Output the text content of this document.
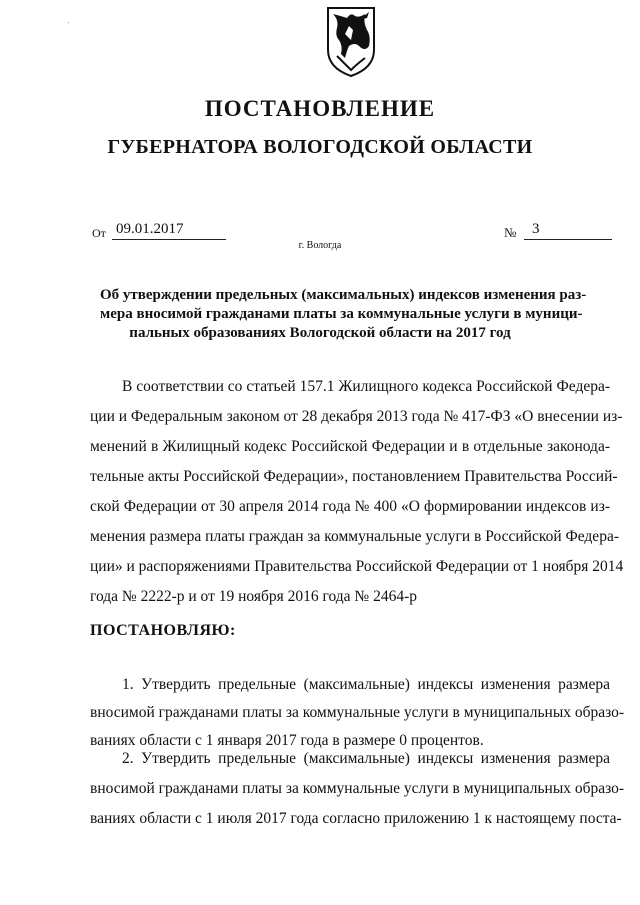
ПОСТАНОВЛЕНИЕ
ГУБЕРНАТОРА ВОЛОГОДСКОЙ ОБЛАСТИ
От 09.01.2017	№	3
г. Вологда
Об утверждении предельных (максимальных) индексов изменения раз-
мера вносимой гражданами платы за коммунальные услуги в муници-
пальных образованиях Вологодской области на 2017 год
В соответствии со статьей 157.1 Жилищного кодекса Российской Федера-
ции и Федеральным законом от 28 декабря 2013 года № 417-ФЗ «О внесении из-
менений в Жилищный кодекс Российской Федерации и в отдельные законода-
тельные акты Российской Федерации», постановлением Правительства Россий-
ской Федерации от 30 апреля 2014 года № 400 «О формировании индексов из-
менения размера платы граждан за коммунальные услуги в Российской Федера-
ции» и распоряжениями Правительства Российской Федерации от 1 ноября 2014
года № 2222-р и от 19 ноября 2016 года № 2464-р
ПОСТАНОВЛЯЮ:
1. Утвердить предельные (максимальные) индексы изменения размера
вносимой гражданами платы за коммунальные услуги в муниципальных образо-
ваниях области с 1 января 2017 года в размере 0 процентов.
2. Утвердить предельные (максимальные) индексы изменения размера
вносимой гражданами платы за коммунальные услуги в муниципальных образо-
ваниях области с 1 июля 2017 года согласно приложению 1 к настоящему поста-
